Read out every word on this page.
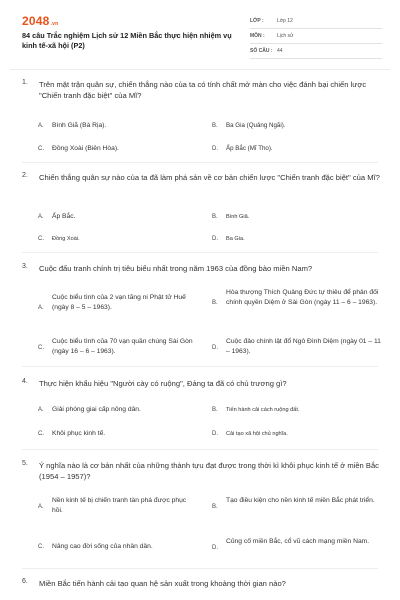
2048.vn
84 câu Trắc nghiệm Lịch sử 12 Miền Bắc thực hiện nhiệm vụ kinh tế-xã hội (P2)
LỚP :	Lớp 12
MÔN : Lịch sử
SỐ CÂU : 44
1. Trên mặt trận quân sự, chiến thắng nào của ta có tính chất mở màn cho việc đánh bại chiến lược "Chiến tranh đặc biệt" của Mĩ?
A. Bình Giã (Bà Rịa).	B. Ba Gia (Quảng Ngãi).
C. Đồng Xoài (Biên Hòa).	D. Ấp Bắc (Mĩ Tho).
2. Chiến thắng quân sự nào của ta đã làm phá sản về cơ bản chiến lược "Chiến tranh đặc biệt" của Mĩ?
A. Ấp Bắc.	B. Bình Giã.
C. Đồng Xoài.	D. Ba Gia.
3. Cuộc đấu tranh chính trị tiêu biểu nhất trong năm 1963 của đồng bào miền Nam?
A.
Cuộc biểu tình của 2 vạn tăng ni Phật tử Huế (ngày 8 – 5 – 1963).
B.
Hòa thượng Thích Quảng Đức tự thiêu để phản đối chính quyền Diệm ở Sài Gòn (ngày 11 – 6 – 1963).
C.
Cuộc biểu tình của 70 vạn quần chúng Sài Gòn (ngày 16 – 6 – 1963).	D.
Cuộc đảo chính lật đổ Ngô Đình Diệm (ngày 01 – 11 – 1963).
4. Thực hiện khẩu hiệu "Người cày có ruộng", Đảng ta đã có chủ trương gì?
A. Giải phóng giai cấp nông dân.	B. Tiến hành cải cách ruộng đất.
C. Khôi phục kinh tế.	D. Cải tạo xã hội chủ nghĩa.
5. Ý nghĩa nào là cơ bản nhất của những thành tựu đạt được trong thời kì khôi phục kinh tế ở miền Bắc (1954 – 1957)?
A.
Nền kinh tế bị chiến tranh tàn phá được phục hồi.	B.
Tạo điều kiện cho nền kinh tế miền Bắc phát triển.
C. Nâng cao đời sống của nhân dân.	D.
Củng cố miền Bắc, cổ vũ cách mạng miền Nam.
6. Miền Bắc tiến hành cải tạo quan hệ sản xuất trong khoảng thời gian nào?
